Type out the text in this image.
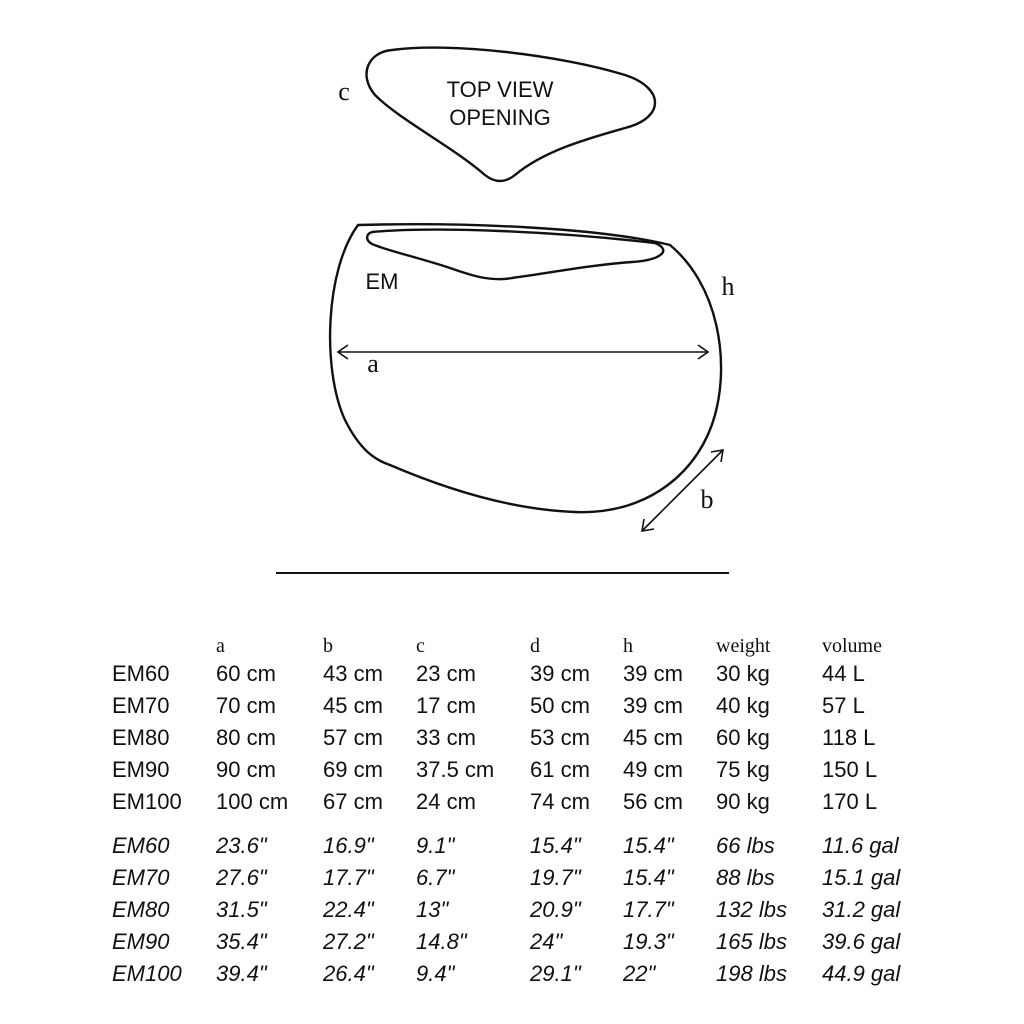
TOP VIEW
OPENING
c
EM	h
a
b
	a	b	c	d	h	weight	volume
EM60	60 cm	43 cm	23 cm	39 cm	39 cm	30 kg	44 L
EM70	70 cm	45 cm	17 cm	50 cm	39 cm	40 kg	57 L
EM80	80 cm	57 cm	33 cm	53 cm	45 cm	60 kg	118 L
EM90	90 cm	69 cm	37.5 cm	61 cm	49 cm	75 kg	150 L
EM100	100 cm	67 cm	24 cm	74 cm	56 cm	90 kg	170 L

EM60	23.6"	16.9"	9.1"	15.4"	15.4"	66 lbs	11.6 gal
EM70	27.6"	17.7"	6.7"	19.7"	15.4"	88 lbs	15.1 gal
EM80	31.5"	22.4"	13"	20.9"	17.7"	132 lbs	31.2 gal
EM90	35.4"	27.2"	14.8"	24"	19.3"	165 lbs	39.6 gal
EM100	39.4"	26.4"	9.4"	29.1"	22"	198 lbs	44.9 gal
